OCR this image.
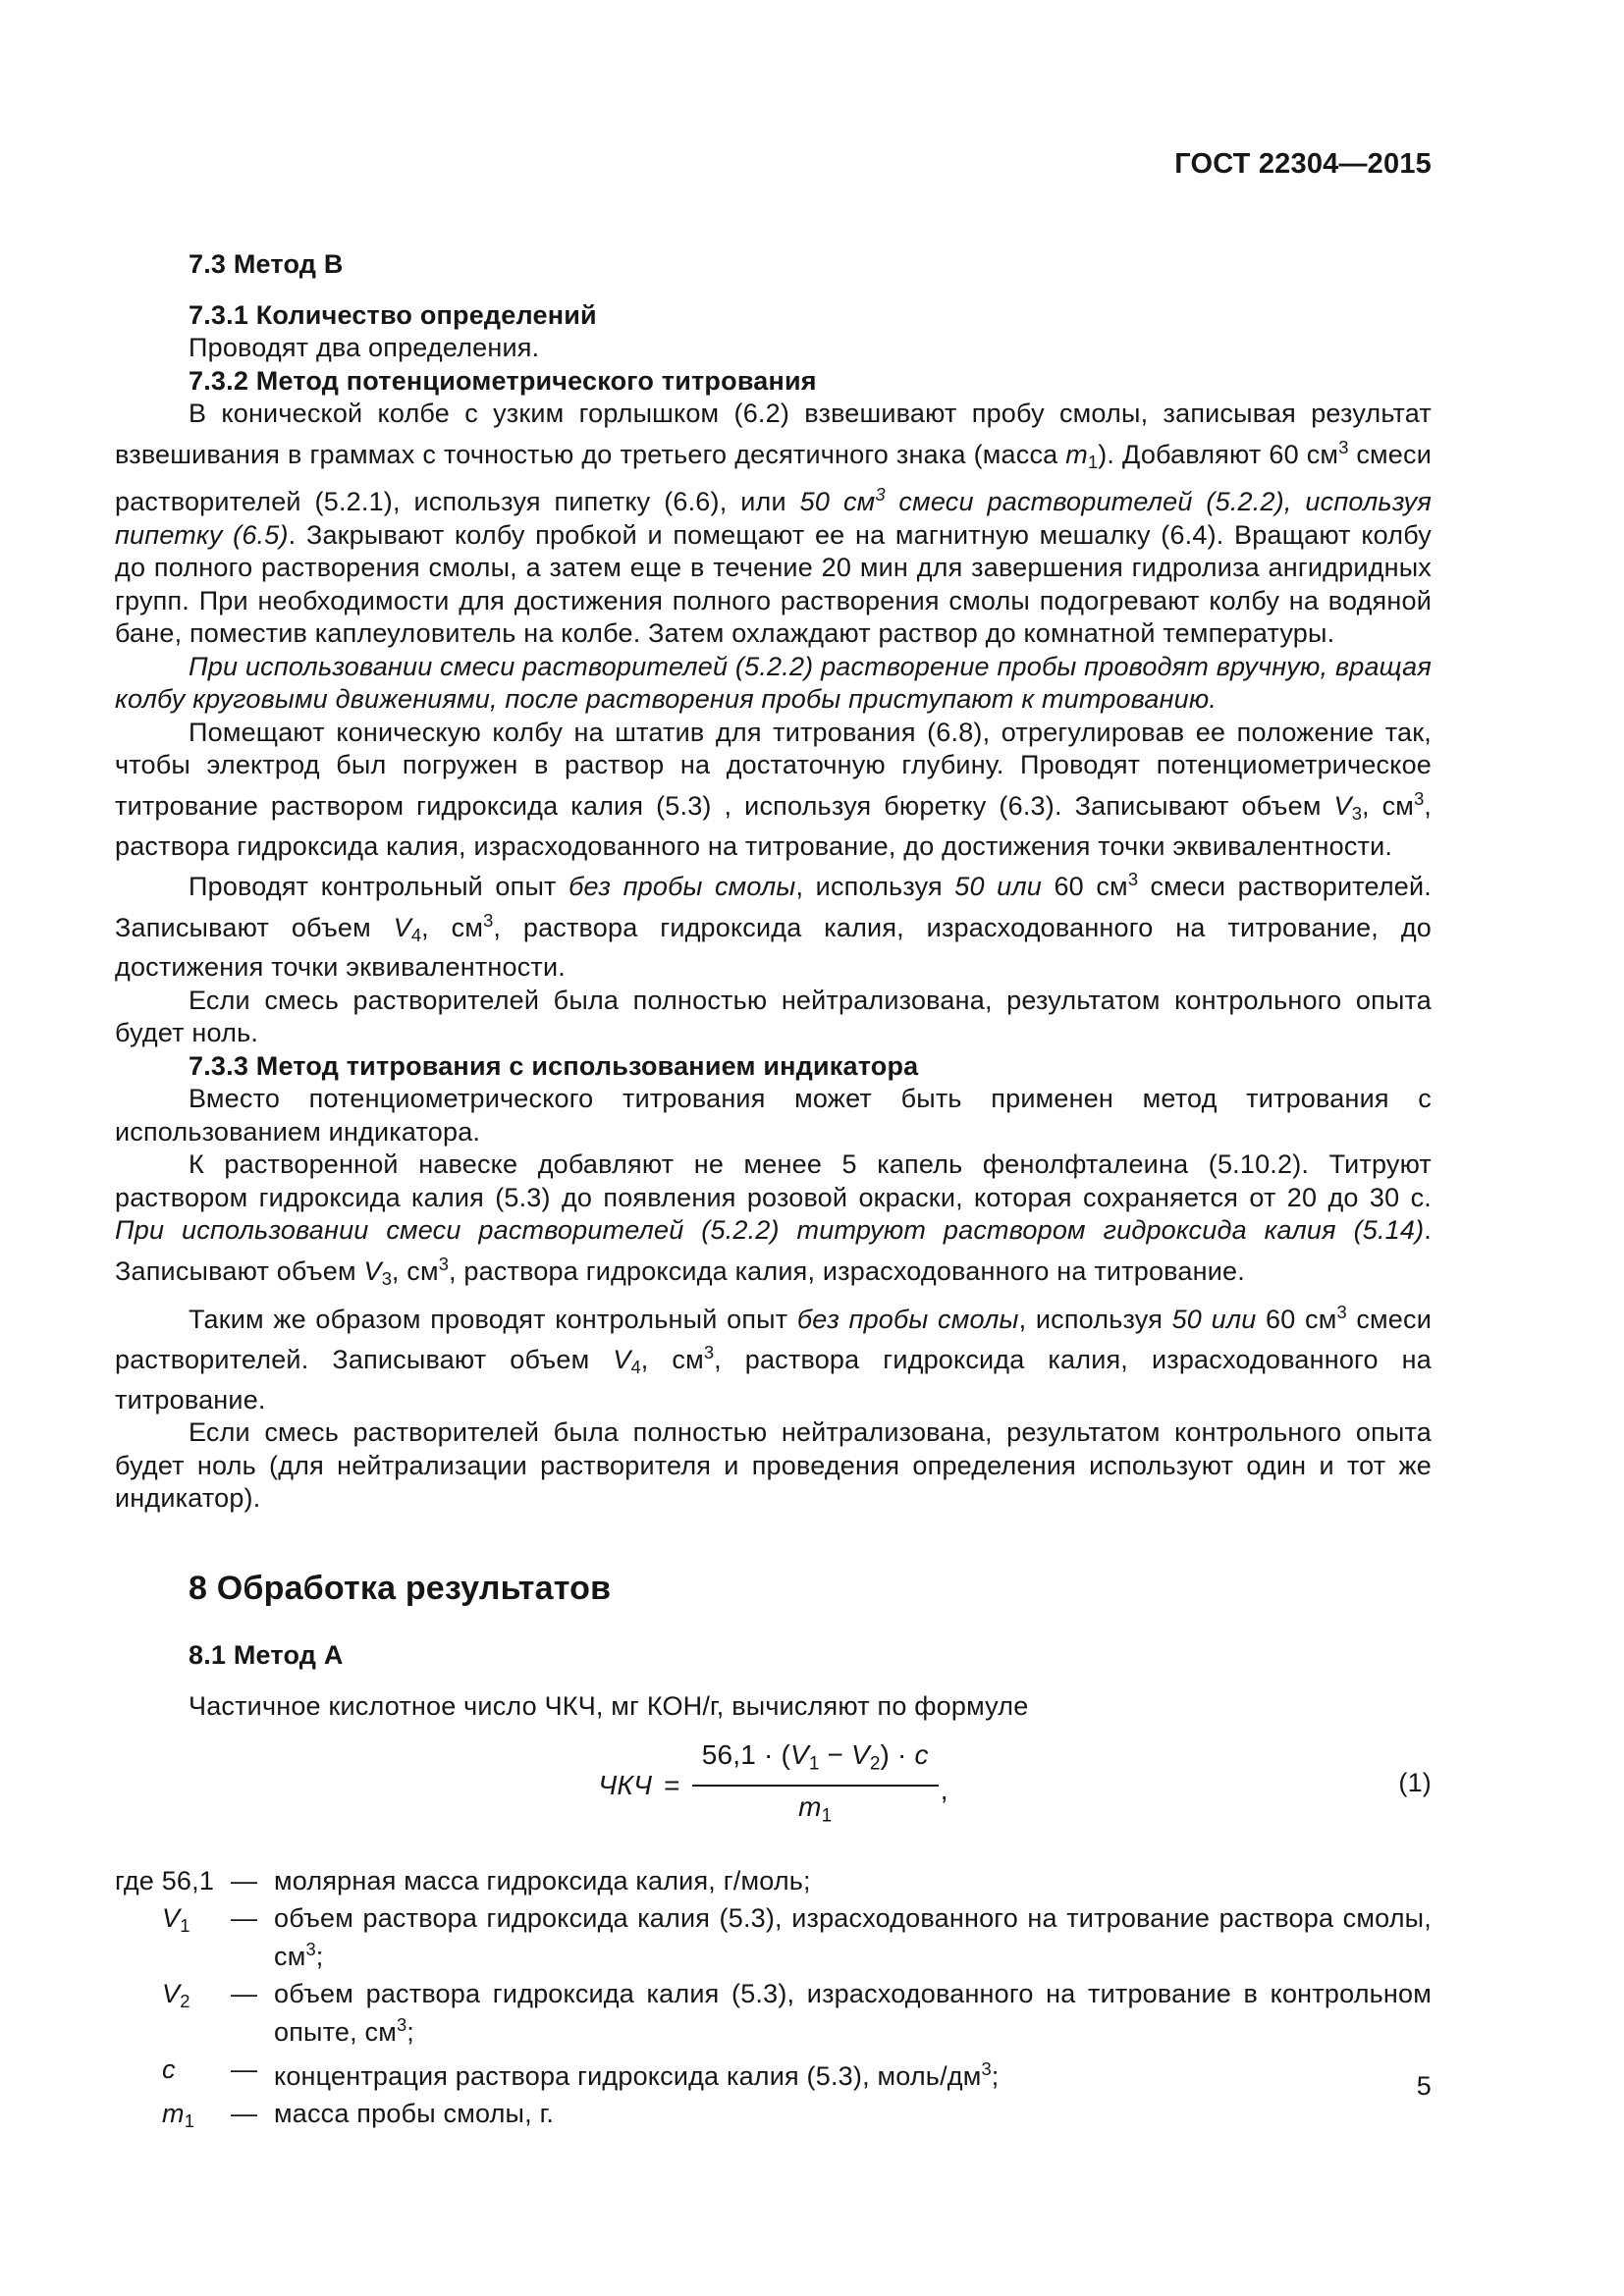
ГОСТ 22304—2015
7.3 Метод В
7.3.1 Количество определений

Проводят два определения.

7.3.2 Метод потенциометрического титрования

В конической колбе с узким горлышком (6.2) взвешивают пробу смолы, записывая результат взвешивания в граммах с точностью до третьего десятичного знака (масса $m_1$). Добавляют 60 $см^3$ смеси растворителей (5.2.1), используя пипетку (6.6), или 50 $см^3$ смеси растворителей (5.2.2), используя пипетку (6.5). Закрывают колбу пробкой и помещают ее на магнитную мешалку (6.4). Вращают колбу до полного растворения смолы, а затем еще в течение 20 мин для завершения гидролиза ангидридных групп. При необходимости для достижения полного растворения смолы подогревают колбу на водяной бане, поместив каплеуловитель на колбе. Затем охлаждают раствор до комнатной температуры.

При использовании смеси растворителей (5.2.2) растворение пробы проводят вручную, вращая колбу круговыми движениями, после растворения пробы приступают к титрованию.

Помещают коническую колбу на штатив для титрования (6.8), отрегулировав ее положение так, чтобы электрод был погружен в раствор на достаточную глубину. Проводят потенциометрическое титрование раствором гидроксида калия (5.3) , используя бюретку (6.3). Записывают объем $V_3$, $см^3$, раствора гидроксида калия, израсходованного на титрование, до достижения точки эквивалентности.

Проводят контрольный опыт без пробы смолы, используя 50 или 60 $см^3$ смеси растворителей. Записывают объем $V_4$, $см^3$, раствора гидроксида калия, израсходованного на титрование, до достижения точки эквивалентности.

Если смесь растворителей была полностью нейтрализована, результатом контрольного опыта будет ноль.

7.3.3 Метод титрования с использованием индикатора

Вместо потенциометрического титрования может быть применен метод титрования с использованием индикатора.

К растворенной навеске добавляют не менее 5 капель фенолфталеина (5.10.2). Титруют раствором гидроксида калия (5.3) до появления розовой окраски, которая сохраняется от 20 до 30 с. При использовании смеси растворителей (5.2.2) титруют раствором гидроксида калия (5.14). Записывают объем $V_3$, $см^3$, раствора гидроксида калия, израсходованного на титрование.

Таким же образом проводят контрольный опыт без пробы смолы, используя 50 или 60 $см^3$ смеси растворителей. Записывают объем $V_4$, $см^3$, раствора гидроксида калия, израсходованного на титрование.

Если смесь растворителей была полностью нейтрализована, результатом контрольного опыта будет ноль (для нейтрализации растворителя и проведения определения используют один и тот же индикатор).

8 Обработка результатов
8.1 Метод А

Частичное кислотное число ЧКЧ, мг КОН/г, вычисляют по формуле

ЧКЧ = $\frac{56,1 \cdot (V_1 - V_2) \cdot c}{m_1}$ ,	(1)
где 56,1 — молярная масса гидроксида калия, г/моль;
$V_1$	— объем раствора гидроксида калия (5.3), израсходованного на титрование раствора смолы, $см^3$;
$V_2$	— объем раствора гидроксида калия (5.3), израсходованного на титрование в контрольном опыте, $см^3$;
c	— концентрация раствора гидроксида калия (5.3), моль/$дм^3$;
$m_1$	— масса пробы смолы, г.
5
